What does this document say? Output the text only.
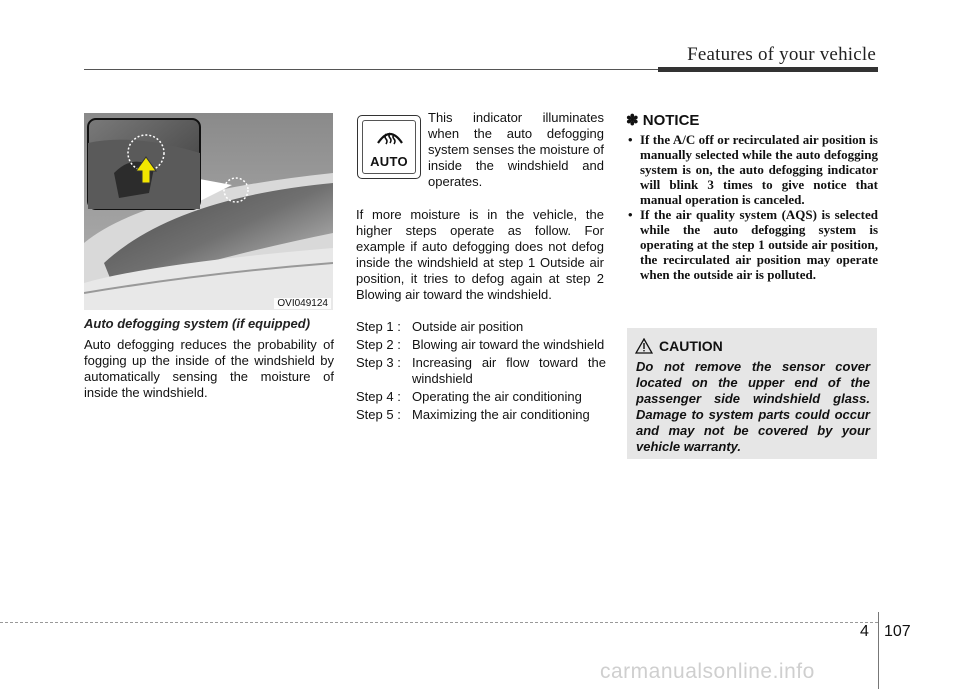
Features of your vehicle
OVI049124
Auto defogging system (if equipped)
Auto defogging reduces the probability of fogging up the inside of the windshield by automatically sensing the moisture of inside the windshield.
AUTO
This indicator illuminates when the auto defogging system senses the moisture of inside the windshield and operates.
If more moisture is in the vehicle, the higher steps operate as follow. For example if auto defogging does not defog inside the windshield at step 1 Outside air position, it tries to defog again at step 2 Blowing air toward the windshield.
Step 1 : Outside air position
Step 2 : Blowing air toward the windshield
Step 3 : Increasing air flow toward the windshield
Step 4 : Operating the air conditioning
Step 5 : Maximizing the air conditioning
✽ NOTICE
• If the A/C off or recirculated air position is manually selected while the auto defogging system is on, the auto defogging indicator will blink 3 times to give notice that manual operation is canceled.
• If the air quality system (AQS) is selected while the auto defogging system is operating at the step 1 outside air position, the recirculated air position may operate when the outside air is polluted.
CAUTION
Do not remove the sensor cover located on the upper end of the passenger side windshield glass. Damage to system parts could occur and may not be covered by your vehicle warranty.
4 107
carmanualsonline.info
